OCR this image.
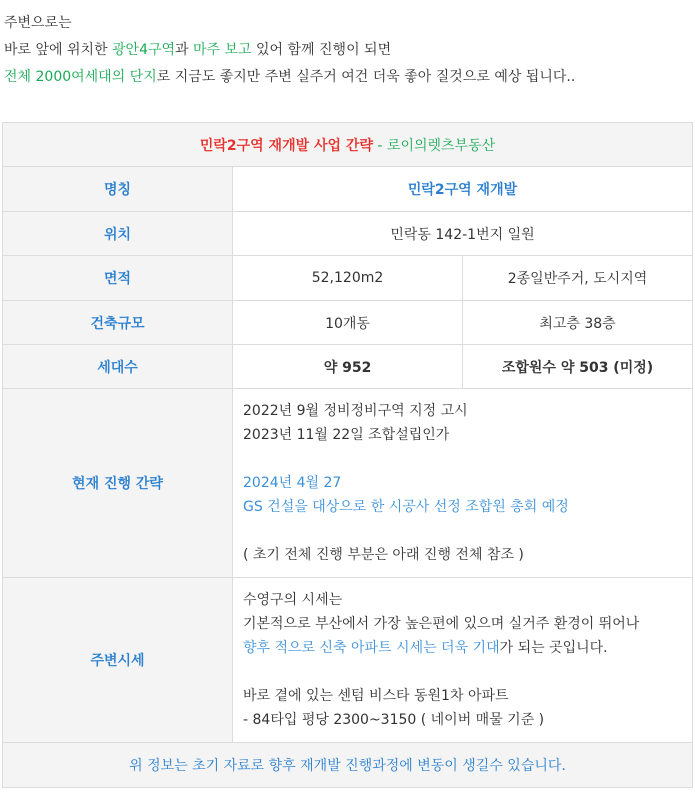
주변으로는
바로 앞에 위치한 광안4구역과 마주 보고 있어 함께 진행이 되면
전체 2000여세대의 단지로 지금도 좋지만 주변 실주거 여건 더욱 좋아 질것으로 예상 됩니다..
민락2구역 재개발 사업 간략 - 로이의렛츠부동산		
명칭	민락2구역 재개발	
위치	민락동 142-1번지 일원	
면적	52,120m2	2종일반주거, 도시지역
건축규모	10개동	최고층 38층
세대수	약 952	조합원수 약 503 (미정)
현재 진행 간략	2022년 9월 정비정비구역 지정 고시

2023년 11월 22일 조합설립인가

2024년 4월 27

GS 건설을 대상으로 한 시공사 선정 조합원 총회 예정

( 초기 전체 진행 부분은 아래 진행 전체 참조 )	

주변시세	수영구의 시세는

기본적으로 부산에서 가장 높은편에 있으며 실거주 환경이 뛰어나

향후 적으로 신축 아파트 시세는 더욱 기대가 되는 곳입니다.

바로 곁에 있는 센텀 비스타 동원1차 아파트

- 84타입 평당 2300~3150 ( 네이버 매물 기준 )	

위 정보는 초기 자료로 향후 재개발 진행과정에 변동이 생길수 있습니다.		
